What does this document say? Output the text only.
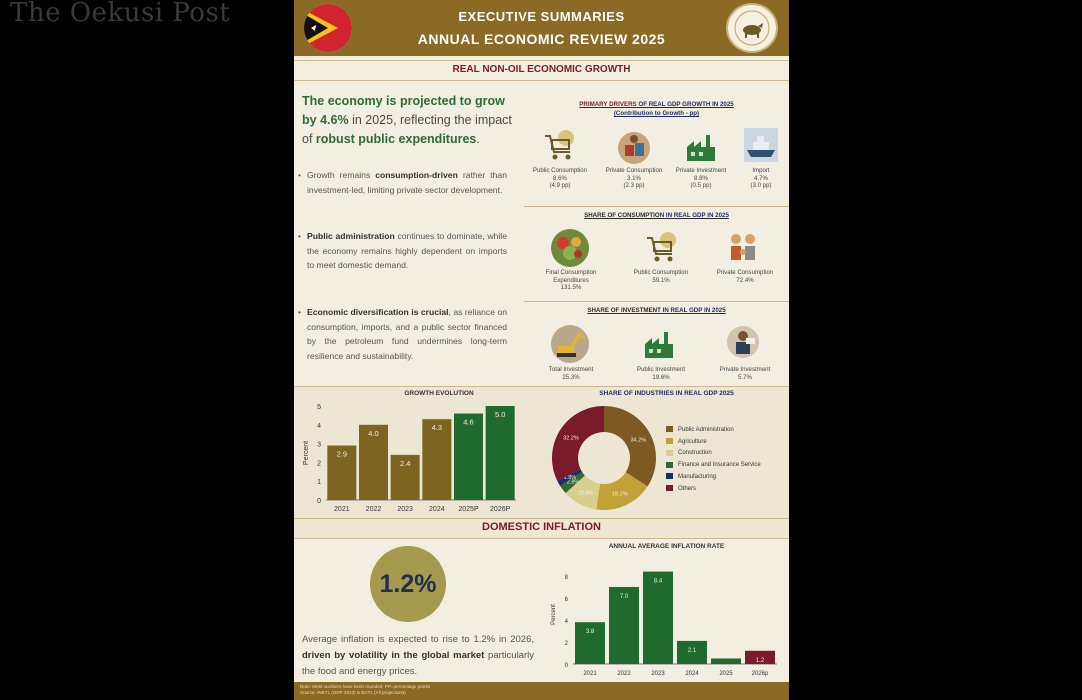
The Oekusi Post	EXECUTIVE SUMMARIES
ANNUAL ECONOMIC REVIEW 2025
REAL NON-OIL ECONOMIC GROWTH
The economy is projected to grow by 4.6% in 2025, reflecting the impact of robust public expenditures.
• Growth remains consumption-driven rather than investment-led, limiting private sector development.
• Public administration continues to dominate, while the economy remains highly dependent on imports to meet domestic demand.
• Economic diversification is crucial, as reliance on consumption, imports, and a public sector financed by the petroleum fund undermines long-term resilience and sustainability.
PRIMARY DRIVERS OF REAL GDP GROWTH IN 2025
(Contribution to Growth - pp)
Public Consumption
8.6%
(4.9 pp)
Private Consumption
3.1%
(2.3 pp)
Private Investment
8.8%
(0.5 pp)
Import
4.7%
(3.0 pp)
SHARE OF CONSUMPTION IN REAL GDP IN 2025
Final Consumption Expenditures
131.5%
Public Consumption
59.1%
Private Consumption
72.4%
SHARE OF INVESTMENT IN REAL GDP IN 2025
Total Investment
25.3%
Public Investment
19.6%
Private Investment
5.7%
GROWTH EVOLUTION
0
1
2
3
4
5
Percent	2.9
2021
4.0
2022
2.4
2023
4.3
2024
4.6
2025P
5.0
2026P
SHARE OF INDUSTRIES IN REAL GDP 2025
34.2%
18.2%
10.8%
2.8%
1.8%
32.2%
DOMESTIC INFLATION
1.2%
Average inflation is expected to rise to 1.2% in 2026, driven by volatility in the global market particularly the food and energy prices.
ANNUAL AVERAGE INFLATION RATE
0
2
4
6
8
Percent
3.8
2021
7.0
2022
8.4
2023
2.1
2024
0.5
2025
1.2
2026p
Note: Most numbers have been rounded; PP=percentage points
Source: INETL (GDP 2023) & BCTL (All projections)
Public Administration
Agriculture
Construction
Finance and Insurance Service
Manufacturing
Others
